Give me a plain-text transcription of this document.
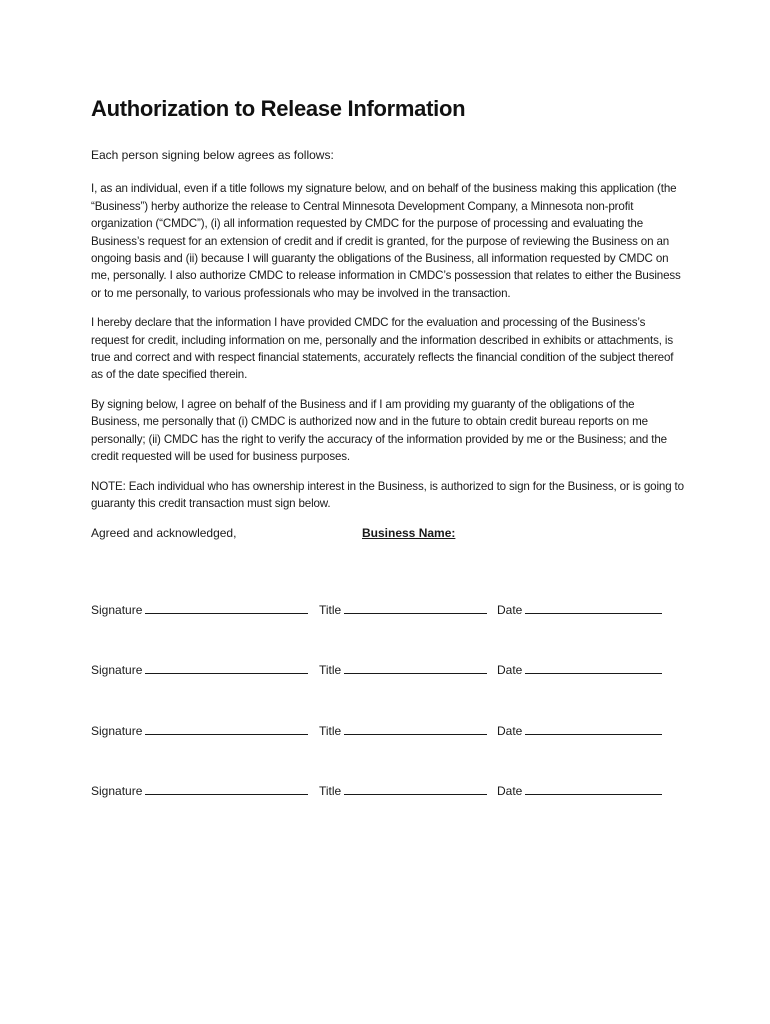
Authorization to Release Information

Each person signing below agrees as follows:

I, as an individual, even if a title follows my signature below, and on behalf of the business making this application (the “Business”) herby authorize the release to Central Minnesota Development Company, a Minnesota non-profit organization (“CMDC”), (i) all information requested by CMDC for the purpose of processing and evaluating the Business’s request for an extension of credit and if credit is granted, for the purpose of reviewing the Business on an ongoing basis and (ii) because I will guaranty the obligations of the Business, all information requested by CMDC on me, personally. I also authorize CMDC to release information in CMDC’s possession that relates to either the Business or to me personally, to various professionals who may be involved in the transaction.

I hereby declare that the information I have provided CMDC for the evaluation and processing of the Business’s request for credit, including information on me, personally and the information described in exhibits or attachments, is true and correct and with respect financial statements, accurately reflects the financial condition of the subject thereof as of the date specified therein.

By signing below, I agree on behalf of the Business and if I am providing my guaranty of the obligations of the Business, me personally that (i) CMDC is authorized now and in the future to obtain credit bureau reports on me personally; (ii) CMDC has the right to verify the accuracy of the information provided by me or the Business; and the credit requested will be used for business purposes.

NOTE: Each individual who has ownership interest in the Business, is authorized to sign for the Business, or is going to guaranty this credit transaction must sign below.

Agreed and acknowledged,	Business Name:
Signature	Title	Date
Signature	Title	Date
Signature	Title	Date
Signature	Title	Date
